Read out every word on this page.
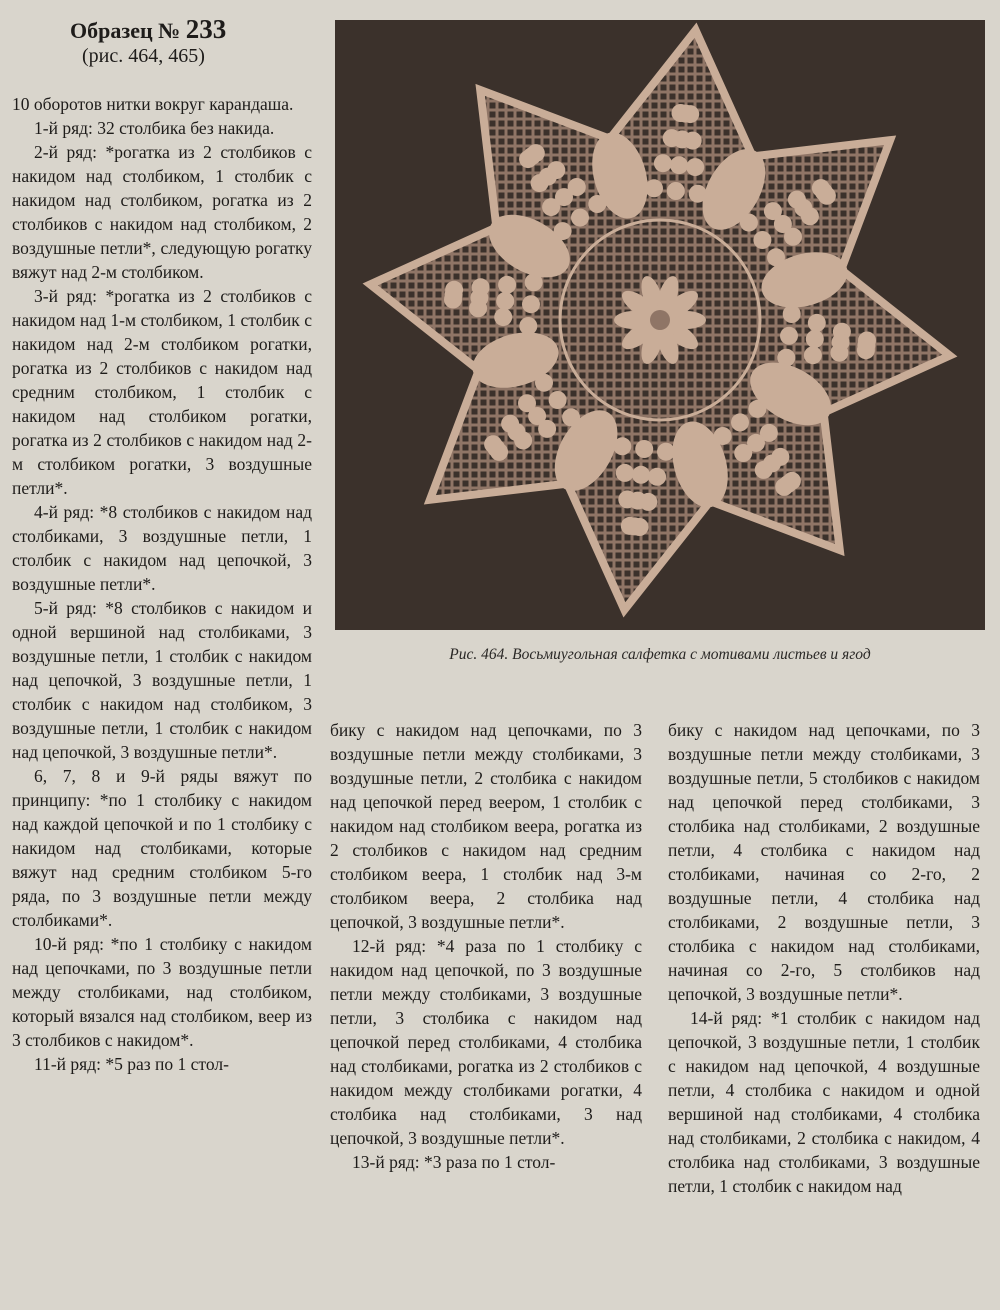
Образец № 233
(рис. 464, 465)
Рис. 464. Восьмиугольная салфетка с мотивами листьев и ягод

10 оборотов нитки вокруг карандаша.

1-й ряд: 32 столбика без накида.

2-й ряд: *рогатка из 2 столбиков с накидом над столбиком, 1 столбик с накидом над столбиком, рогатка из 2 столбиков с накидом над столбиком, 2 воздушные петли*, следующую рогатку вяжут над 2-м столбиком.

3-й ряд: *рогатка из 2 столбиков с накидом над 1-м столбиком, 1 столбик с накидом над 2-м столбиком рогатки, рогатка из 2 столбиков с накидом над средним столбиком, 1 столбик с накидом над столбиком рогатки, рогатка из 2 столбиков с накидом над 2-м столбиком рогатки, 3 воздушные петли*.

4-й ряд: *8 столбиков с накидом над столбиками, 3 воздушные петли, 1 столбик с накидом над цепочкой, 3 воздушные петли*.

5-й ряд: *8 столбиков с накидом и одной вершиной над столбиками, 3 воздушные петли, 1 столбик с накидом над цепочкой, 3 воздушные петли, 1 столбик с накидом над столбиком, 3 воздушные петли, 1 столбик с накидом над цепочкой, 3 воздушные петли*.

6, 7, 8 и 9-й ряды вяжут по принципу: *по 1 столбику с накидом над каждой цепочкой и по 1 столбику с накидом над столбиками, которые вяжут над средним столбиком 5-го ряда, по 3 воздушные петли между столбиками*.

10-й ряд: *по 1 столбику с накидом над цепочками, по 3 воздушные петли между столбиками, над столбиком, который вязался над столбиком, веер из 3 столбиков с накидом*.

11-й ряд: *5 раз по 1 стол-

бику с накидом над цепочками, по 3 воздушные петли между столбиками, 3 воздушные петли, 2 столбика с накидом над цепочкой перед веером, 1 столбик с накидом над столбиком веера, рогатка из 2 столбиков с накидом над средним столбиком веера, 1 столбик над 3-м столбиком веера, 2 столбика над цепочкой, 3 воздушные петли*.

12-й ряд: *4 раза по 1 столбику с накидом над цепочкой, по 3 воздушные петли между столбиками, 3 воздушные петли, 3 столбика с накидом над цепочкой перед столбиками, 4 столбика над столбиками, рогатка из 2 столбиков с накидом между столбиками рогатки, 4 столбика над столбиками, 3 над цепочкой, 3 воздушные петли*.

13-й ряд: *3 раза по 1 стол-

бику с накидом над цепочками, по 3 воздушные петли между столбиками, 3 воздушные петли, 5 столбиков с накидом над цепочкой перед столбиками, 3 столбика над столбиками, 2 воздушные петли, 4 столбика с накидом над столбиками, начиная со 2-го, 2 воздушные петли, 4 столбика над столбиками, 2 воздушные петли, 3 столбика с накидом над столбиками, начиная со 2-го, 5 столбиков над цепочкой, 3 воздушные петли*.

14-й ряд: *1 столбик с накидом над цепочкой, 3 воздушные петли, 1 столбик с накидом над цепочкой, 4 воздушные петли, 4 столбика с накидом и одной вершиной над столбиками, 4 столбика над столбиками, 2 столбика с накидом, 4 столбика над столбиками, 3 воздушные петли, 1 столбик с накидом над
